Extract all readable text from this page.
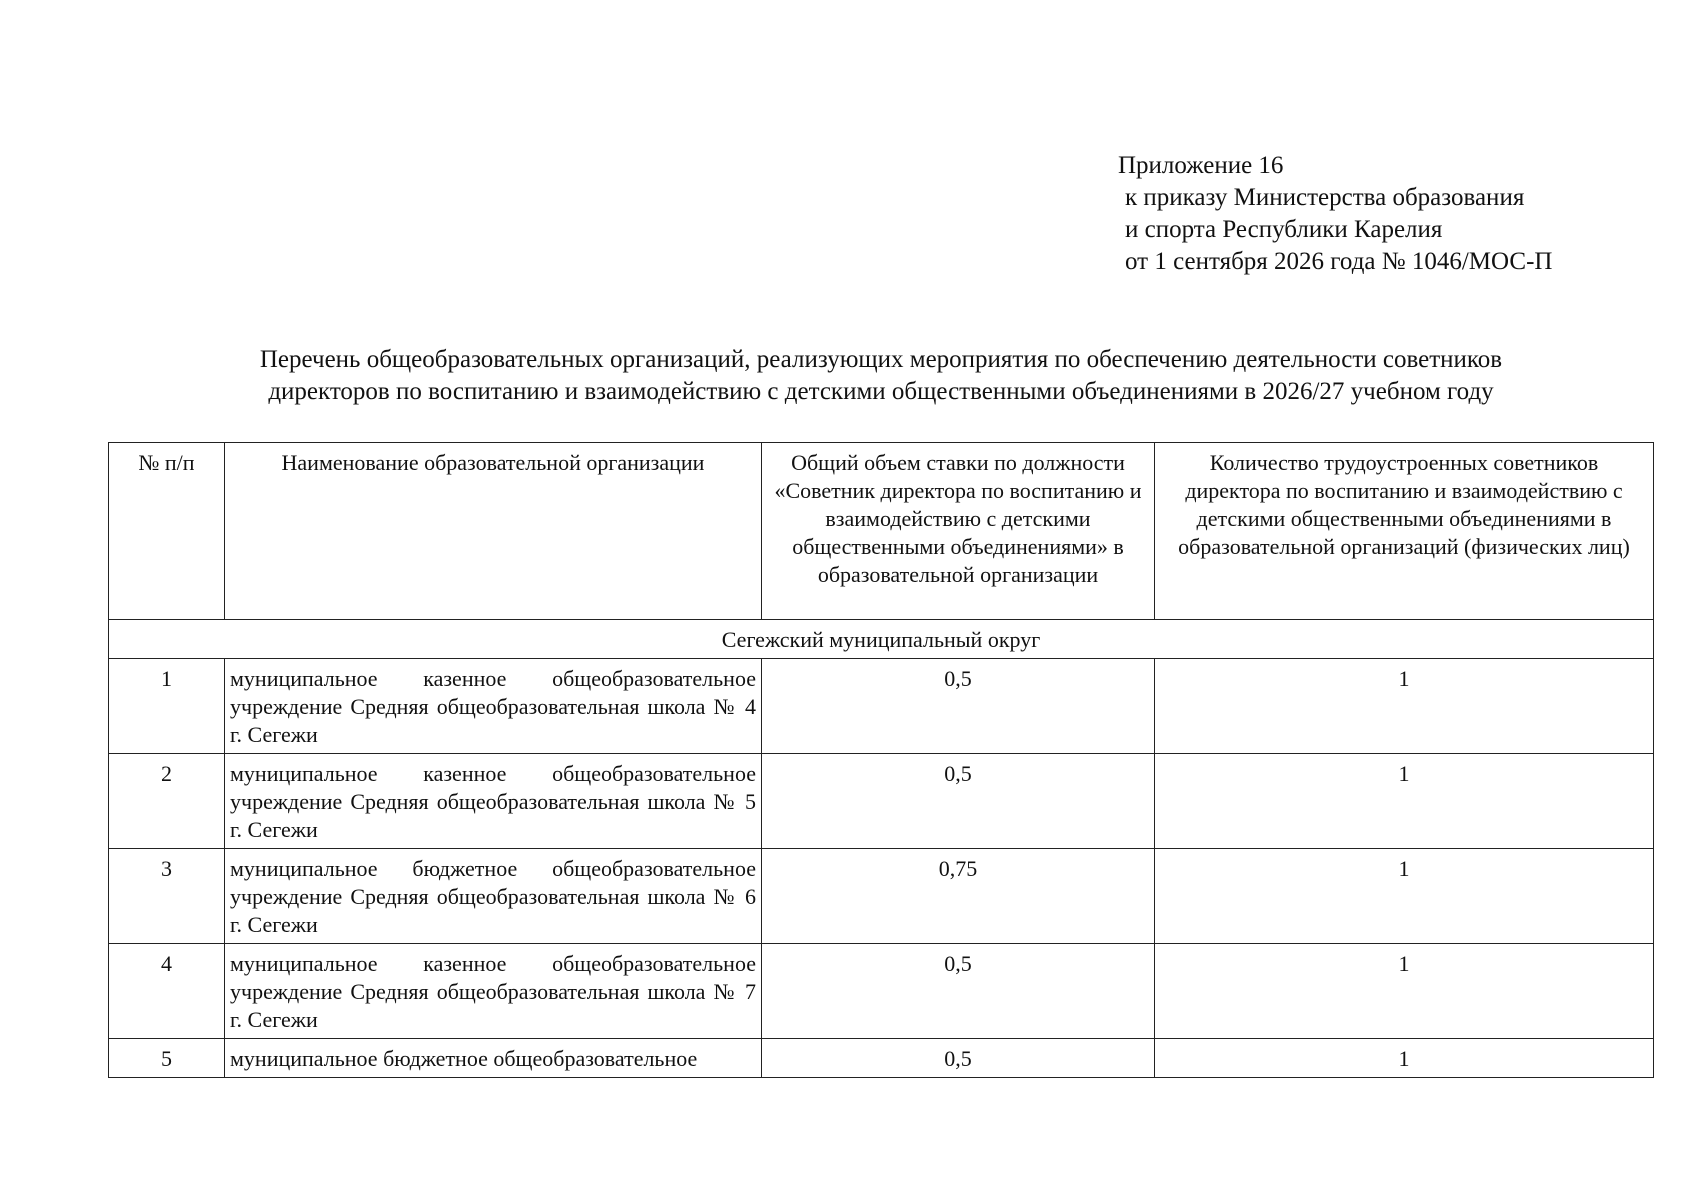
Приложение 16
к приказу Министерства образования
и спорта Республики Карелия
от 1 сентября 2026 года № 1046/МОС-П
Перечень общеобразовательных организаций, реализующих мероприятия по обеспечению деятельности советников
директоров по воспитанию и взаимодействию с детскими общественными объединениями в 2026/27 учебном году
№ п/п	Наименование образовательной организации	Общий объем ставки по должности «Советник директора по воспитанию и взаимодействию с детскими общественными объединениями» в образовательной организации	Количество трудоустроенных советников директора по воспитанию и взаимодействию с детскими общественными объединениями в образовательной организаций (физических лиц)
Сегежский муниципальный округ			
1	муниципальное казенное общеобразовательное учреждение Средняя общеобразовательная школа № 4 г. Сегежи	0,5	1
2	муниципальное казенное общеобразовательное учреждение Средняя общеобразовательная школа № 5 г. Сегежи	0,5	1
3	муниципальное бюджетное общеобразовательное учреждение Средняя общеобразовательная школа № 6 г. Сегежи	0,75	1
4	муниципальное казенное общеобразовательное учреждение Средняя общеобразовательная школа № 7 г. Сегежи	0,5	1
5	муниципальное бюджетное общеобразовательное	0,5	1
